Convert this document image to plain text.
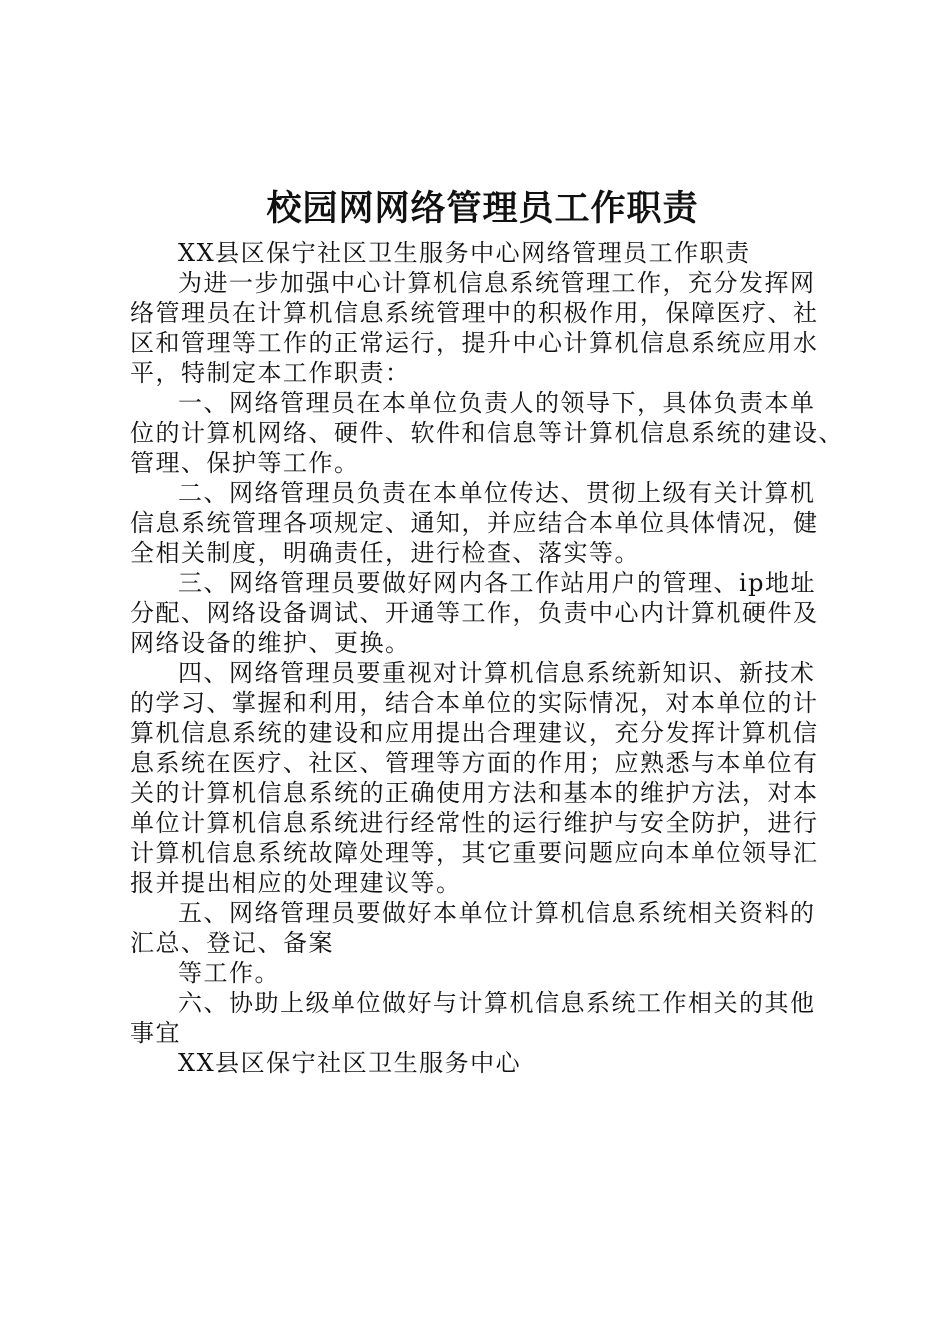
校园网网络管理员工作职责
XX县区保宁社区卫生服务中心网络管理员工作职责
为进一步加强中心计算机信息系统管理工作，充分发挥网
络管理员在计算机信息系统管理中的积极作用，保障医疗、社
区和管理等工作的正常运行，提升中心计算机信息系统应用水
平，特制定本工作职责：
一、网络管理员在本单位负责人的领导下，具体负责本单
位的计算机网络、硬件、软件和信息等计算机信息系统的建设、
管理、保护等工作。
二、网络管理员负责在本单位传达、贯彻上级有关计算机
信息系统管理各项规定、通知，并应结合本单位具体情况，健
全相关制度，明确责任，进行检查、落实等。
三、网络管理员要做好网内各工作站用户的管理、ip地址
分配、网络设备调试、开通等工作，负责中心内计算机硬件及
网络设备的维护、更换。
四、网络管理员要重视对计算机信息系统新知识、新技术
的学习、掌握和利用，结合本单位的实际情况，对本单位的计
算机信息系统的建设和应用提出合理建议，充分发挥计算机信
息系统在医疗、社区、管理等方面的作用；应熟悉与本单位有
关的计算机信息系统的正确使用方法和基本的维护方法，对本
单位计算机信息系统进行经常性的运行维护与安全防护，进行
计算机信息系统故障处理等，其它重要问题应向本单位领导汇
报并提出相应的处理建议等。
五、网络管理员要做好本单位计算机信息系统相关资料的
汇总、登记、备案
等工作。
六、协助上级单位做好与计算机信息系统工作相关的其他
事宜
XX县区保宁社区卫生服务中心
